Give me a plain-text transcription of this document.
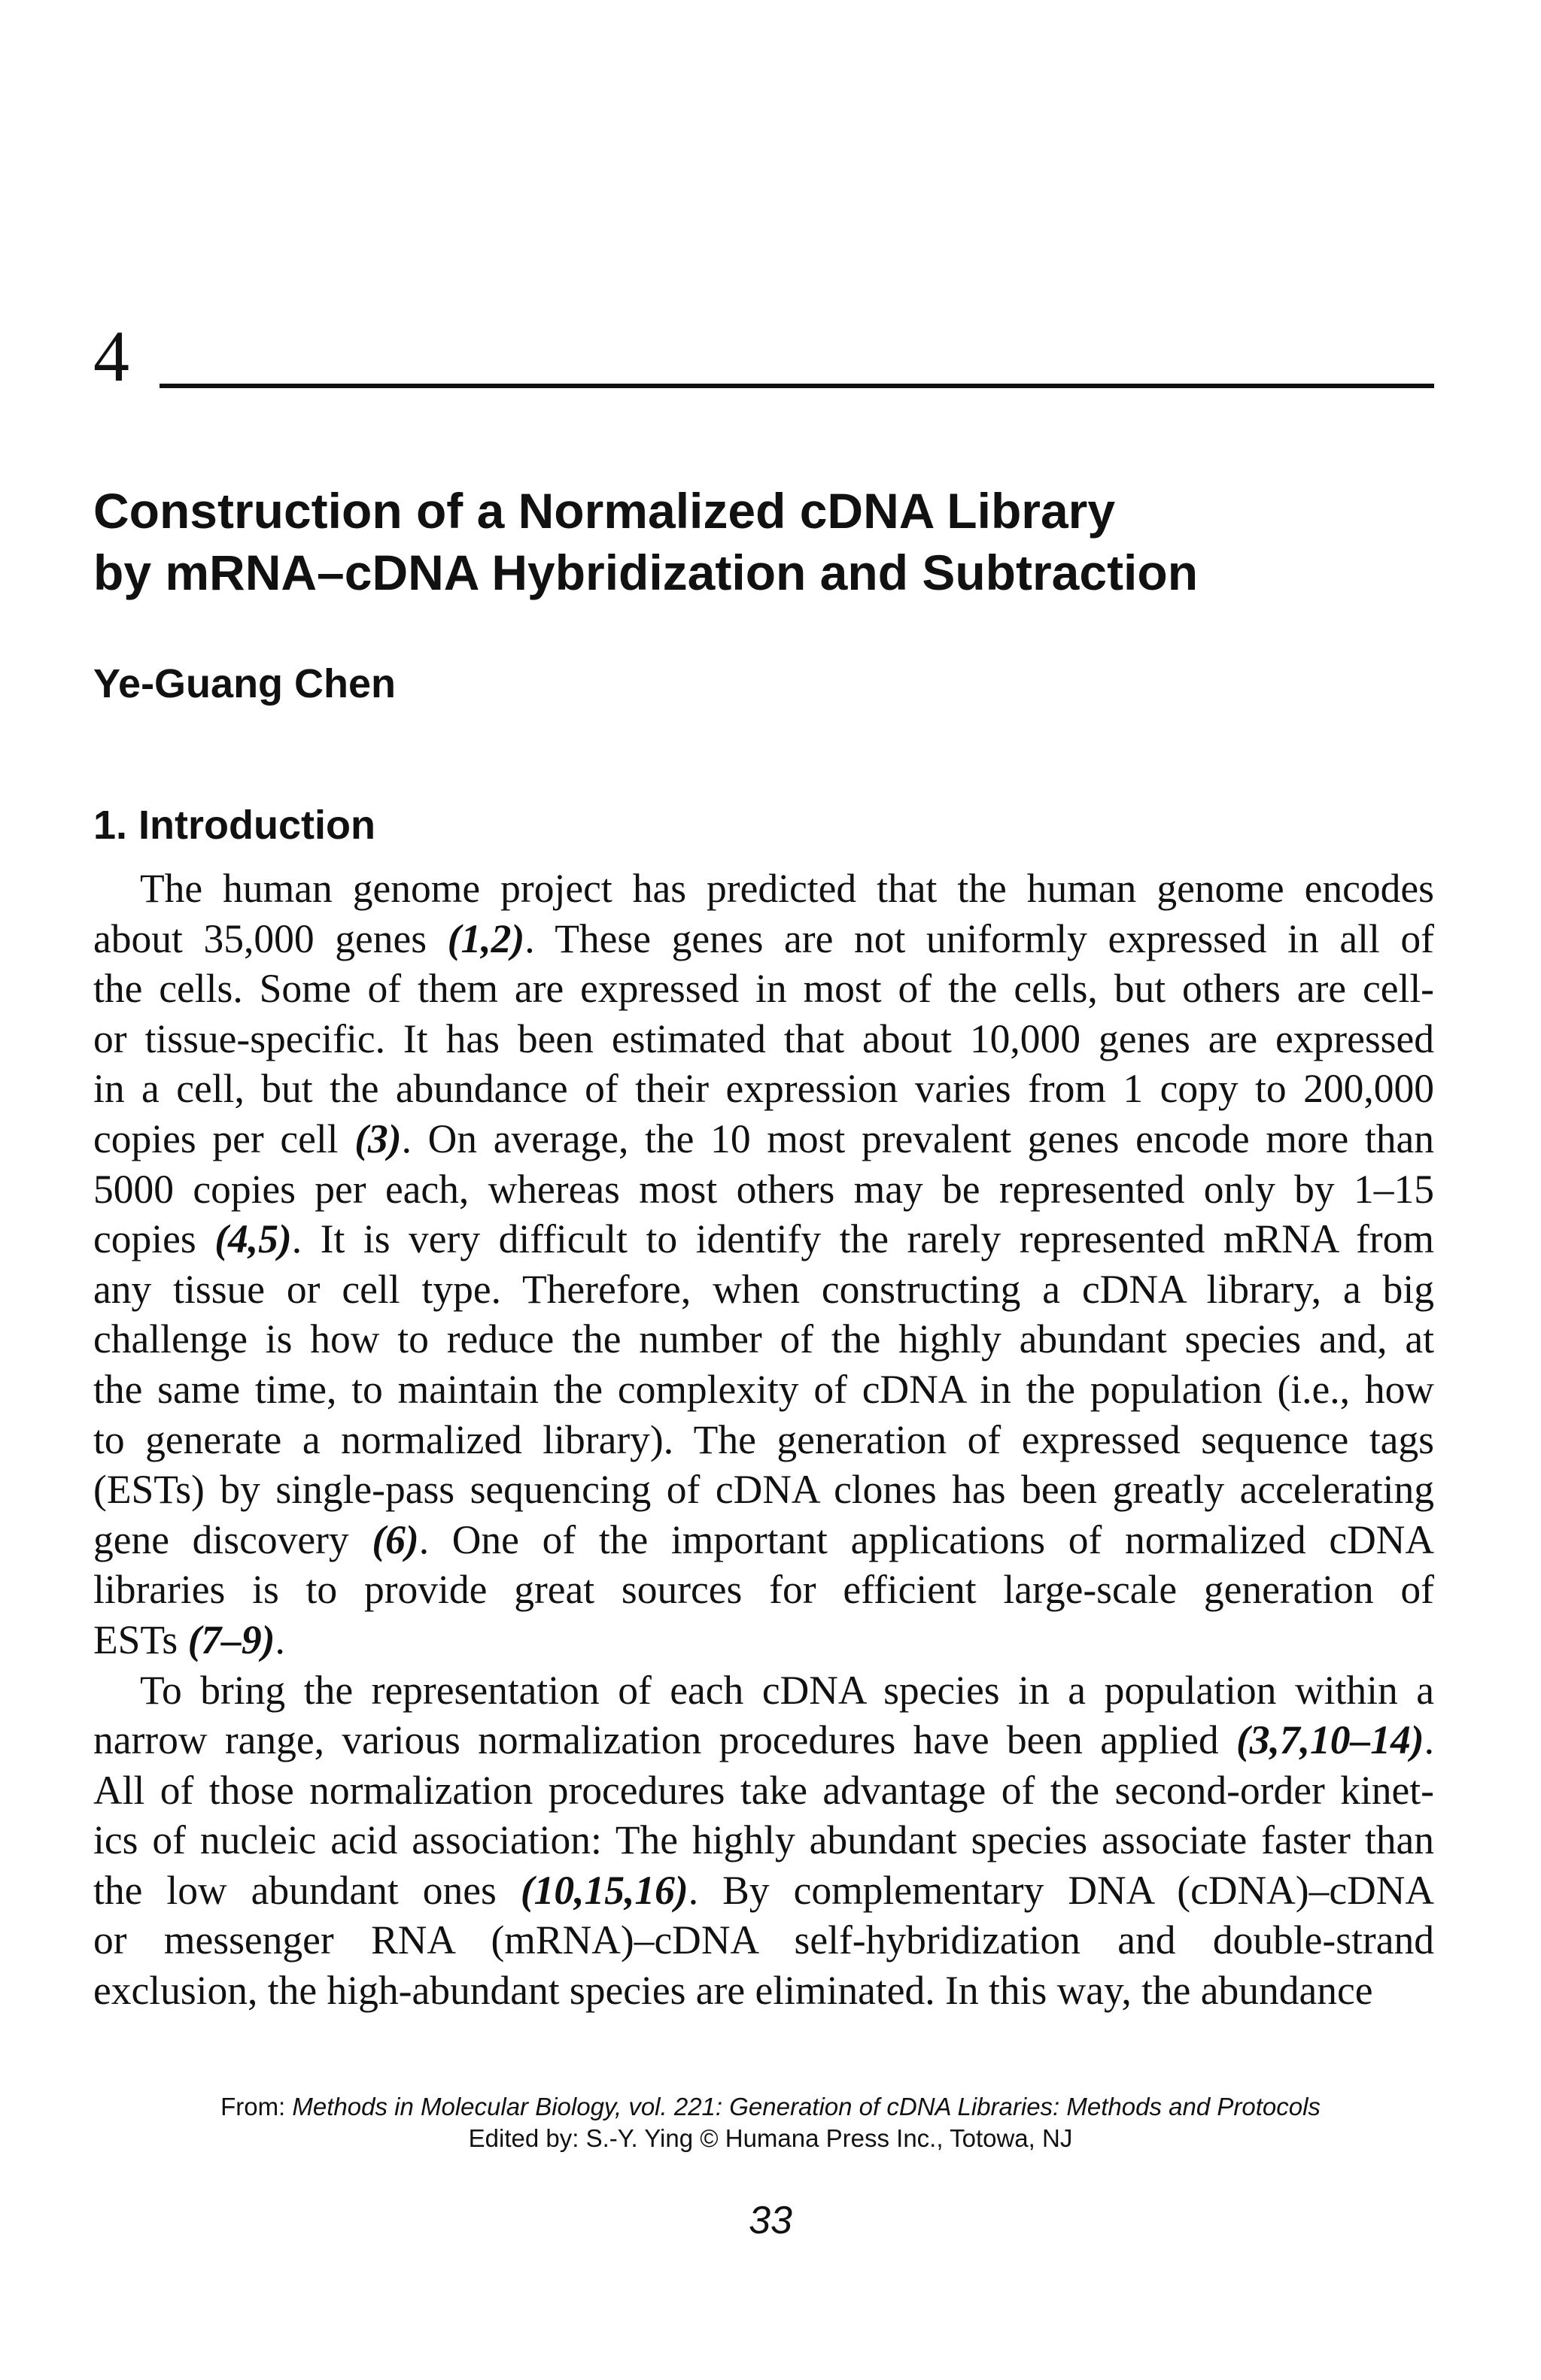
4
Construction of a Normalized cDNA Library
by mRNA–cDNA Hybridization and Subtraction
Ye-Guang Chen
1. Introduction
The human genome project has predicted that the human genome encodes
about 35,000 genes (1,2). These genes are not uniformly expressed in all of
the cells. Some of them are expressed in most of the cells, but others are cell-
or tissue-specific. It has been estimated that about 10,000 genes are expressed
in a cell, but the abundance of their expression varies from 1 copy to 200,000
copies per cell (3). On average, the 10 most prevalent genes encode more than
5000 copies per each, whereas most others may be represented only by 1–15
copies (4,5). It is very difficult to identify the rarely represented mRNA from
any tissue or cell type. Therefore, when constructing a cDNA library, a big
challenge is how to reduce the number of the highly abundant species and, at
the same time, to maintain the complexity of cDNA in the population (i.e., how
to generate a normalized library). The generation of expressed sequence tags
(ESTs) by single-pass sequencing of cDNA clones has been greatly accelerating
gene discovery (6). One of the important applications of normalized cDNA
libraries is to provide great sources for efficient large-scale generation of
ESTs (7–9).
To bring the representation of each cDNA species in a population within a
narrow range, various normalization procedures have been applied (3,7,10–14).
All of those normalization procedures take advantage of the second-order kinet-
ics of nucleic acid association: The highly abundant species associate faster than
the low abundant ones (10,15,16). By complementary DNA (cDNA)–cDNA
or messenger RNA (mRNA)–cDNA self-hybridization and double-strand
exclusion, the high-abundant species are eliminated. In this way, the abundance
From: Methods in Molecular Biology, vol. 221: Generation of cDNA Libraries: Methods and Protocols
Edited by: S.-Y. Ying © Humana Press Inc., Totowa, NJ
33
